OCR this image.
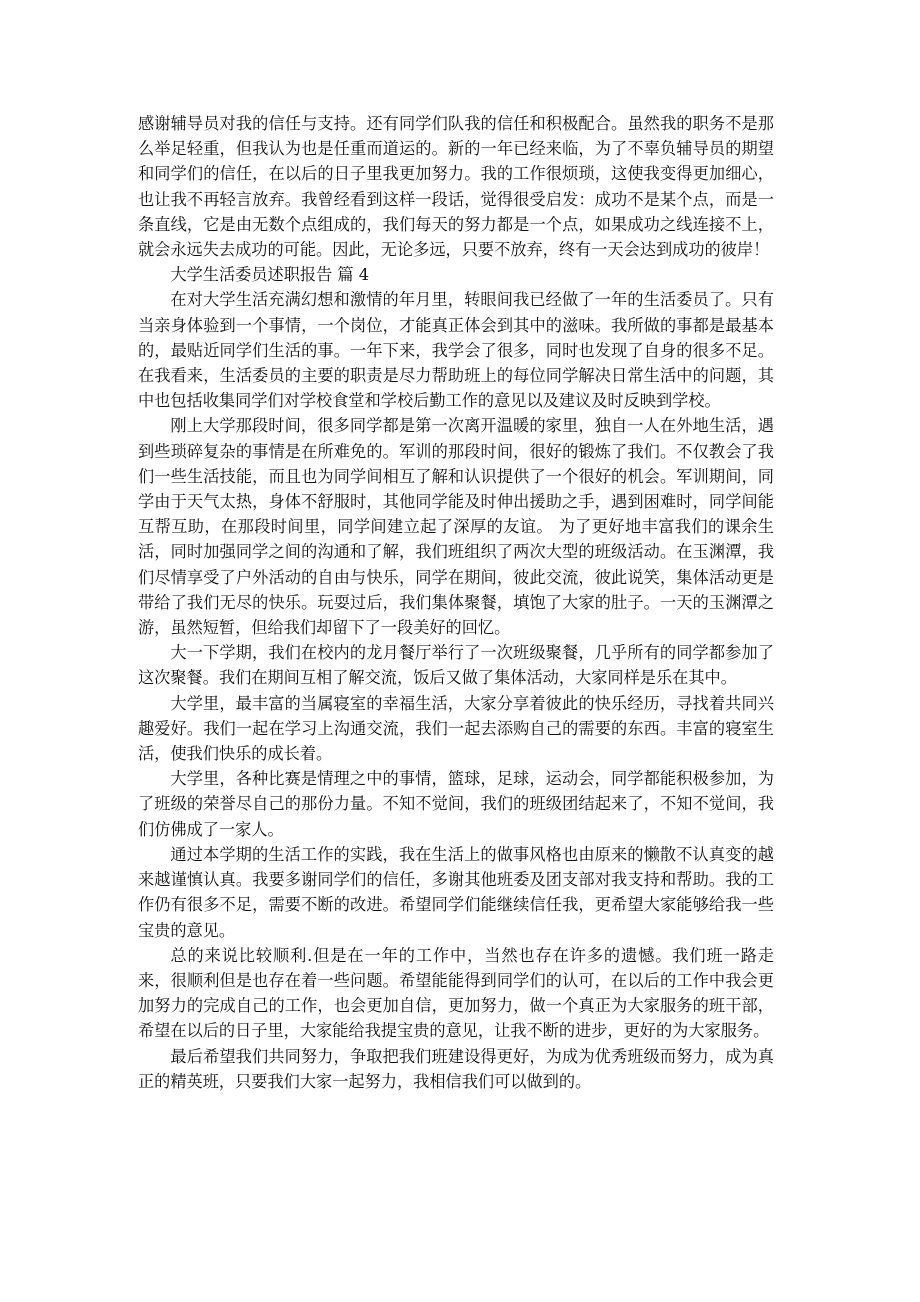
感谢辅导员对我的信任与支持。还有同学们队我的信任和积极配合。虽然我的职务不是那么举足轻重，但我认为也是任重而道运的。新的一年已经来临，为了不辜负辅导员的期望和同学们的信任，在以后的日子里我更加努力。我的工作很烦琐，这使我变得更加细心，也让我不再轻言放弃。我曾经看到这样一段话，觉得很受启发：成功不是某个点，而是一条直线，它是由无数个点组成的，我们每天的努力都是一个点，如果成功之线连接不上，就会永远失去成功的可能。因此，无论多远，只要不放弃，终有一天会达到成功的彼岸！

大学生活委员述职报告 篇 4

在对大学生活充满幻想和激情的年月里，转眼间我已经做了一年的生活委员了。只有当亲身体验到一个事情，一个岗位，才能真正体会到其中的滋味。我所做的事都是最基本的，最贴近同学们生活的事。一年下来，我学会了很多，同时也发现了自身的很多不足。 在我看来，生活委员的主要的职责是尽力帮助班上的每位同学解决日常生活中的问题，其中也包括收集同学们对学校食堂和学校后勤工作的意见以及建议及时反映到学校。

刚上大学那段时间，很多同学都是第一次离开温暖的家里，独自一人在外地生活，遇到些琐碎复杂的事情是在所难免的。军训的那段时间，很好的锻炼了我们。不仅教会了我们一些生活技能，而且也为同学间相互了解和认识提供了一个很好的机会。军训期间，同学由于天气太热，身体不舒服时，其他同学能及时伸出援助之手，遇到困难时，同学间能互帮互助，在那段时间里，同学间建立起了深厚的友谊。 为了更好地丰富我们的课余生活，同时加强同学之间的沟通和了解，我们班组织了两次大型的班级活动。在玉渊潭，我们尽情享受了户外活动的自由与快乐，同学在期间，彼此交流，彼此说笑，集体活动更是带给了我们无尽的快乐。玩耍过后，我们集体聚餐，填饱了大家的肚子。一天的玉渊潭之游，虽然短暂，但给我们却留下了一段美好的回忆。

大一下学期，我们在校内的龙月餐厅举行了一次班级聚餐，几乎所有的同学都参加了这次聚餐。我们在期间互相了解交流，饭后又做了集体活动，大家同样是乐在其中。

大学里，最丰富的当属寝室的幸福生活，大家分享着彼此的快乐经历，寻找着共同兴趣爱好。我们一起在学习上沟通交流，我们一起去添购自己的需要的东西。丰富的寝室生活，使我们快乐的成长着。

大学里，各种比赛是情理之中的事情，篮球，足球，运动会，同学都能积极参加，为了班级的荣誉尽自己的那份力量。不知不觉间，我们的班级团结起来了，不知不觉间，我们仿佛成了一家人。

通过本学期的生活工作的实践，我在生活上的做事风格也由原来的懒散不认真变的越来越谨慎认真。我要多谢同学们的信任，多谢其他班委及团支部对我支持和帮助。我的工作仍有很多不足，需要不断的改进。希望同学们能继续信任我，更希望大家能够给我一些宝贵的意见。

总的来说比较顺利.但是在一年的工作中，当然也存在许多的遗憾。我们班一路走来，很顺利但是也存在着一些问题。希望能能得到同学们的认可，在以后的工作中我会更加努力的完成自己的工作，也会更加自信，更加努力，做一个真正为大家服务的班干部，希望在以后的日子里，大家能给我提宝贵的意见，让我不断的进步，更好的为大家服务。

最后希望我们共同努力，争取把我们班建设得更好，为成为优秀班级而努力，成为真正的精英班，只要我们大家一起努力，我相信我们可以做到的。
